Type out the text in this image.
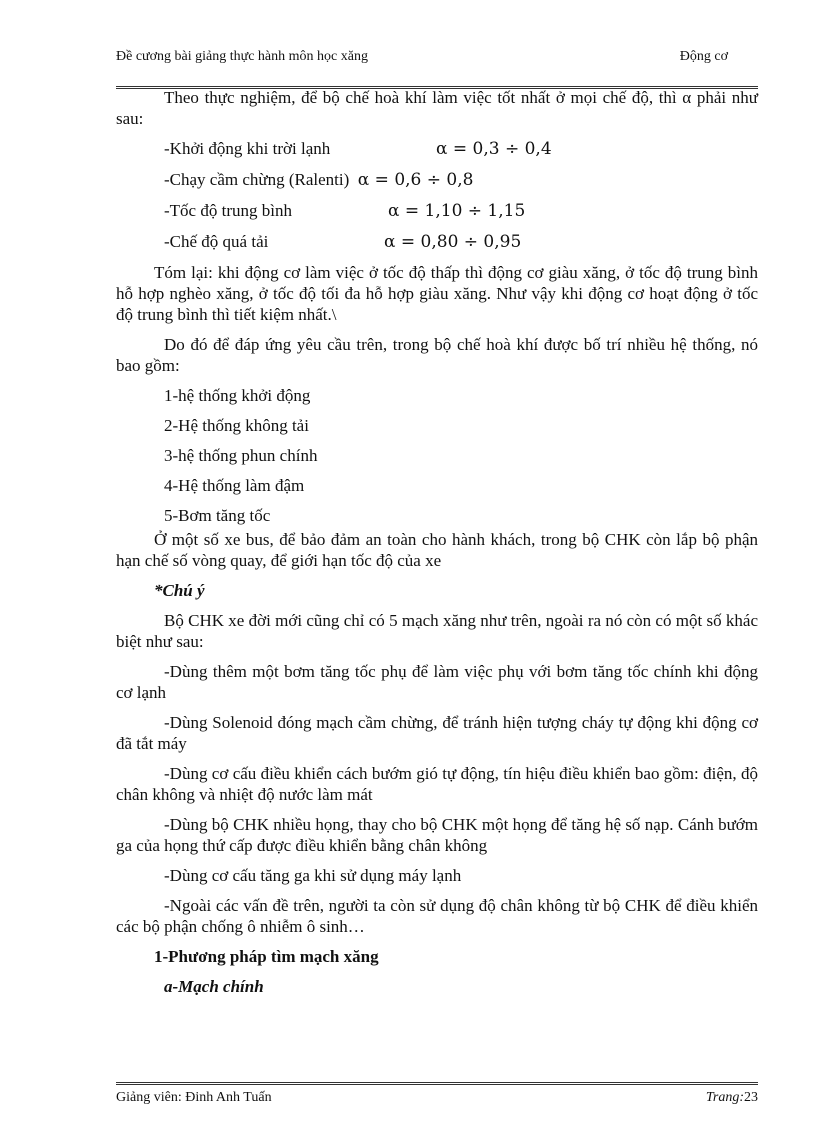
Đề cương bài giảng thực hành môn học xăng	Động cơ
Theo thực nghiệm, để bộ chế hoà khí làm việc tốt nhất ở mọi chế độ, thì α phải như sau:
-Khởi động khi trời lạnh	α = 0,3 ÷ 0,4
-Chạy cầm chừng (Ralenti) α = 0,6 ÷ 0,8
-Tốc độ trung bình	α = 1,10 ÷ 1,15
-Chế độ quá tải	α = 0,80 ÷ 0,95
Tóm lại: khi động cơ làm việc ở tốc độ thấp thì động cơ giàu xăng, ở tốc độ trung bình hỗ hợp nghèo xăng, ở tốc độ tối đa hỗ hợp giàu xăng. Như vậy khi động cơ hoạt động ở tốc độ trung bình thì tiết kiệm nhất.\
Do đó để đáp ứng yêu cầu trên, trong bộ chế hoà khí được bố trí nhiều hệ thống, nó bao gồm:
1-hệ thống khởi động
2-Hệ thống không tải
3-hệ thống phun chính
4-Hệ thống làm đậm
5-Bơm tăng tốc
Ở một số xe bus, để bảo đảm an toàn cho hành khách, trong bộ CHK còn lắp bộ phận hạn chế số vòng quay, để giới hạn tốc độ của xe
*Chú ý
Bộ CHK xe đời mới cũng chỉ có 5 mạch xăng như trên, ngoài ra nó còn có một số khác biệt như sau:
-Dùng thêm một bơm tăng tốc phụ để làm việc phụ với bơm tăng tốc chính khi động cơ lạnh
-Dùng Solenoid đóng mạch cầm chừng, để tránh hiện tượng cháy tự động khi động cơ đã tắt máy
-Dùng cơ cấu điều khiển cách bướm gió tự động, tín hiệu điều khiển bao gồm: điện, độ chân không và nhiệt độ nước làm mát
-Dùng bộ CHK nhiều họng, thay cho bộ CHK một họng để tăng hệ số nạp. Cánh bướm ga của họng thứ cấp được điều khiển bằng chân không
-Dùng cơ cấu tăng ga khi sử dụng máy lạnh
-Ngoài các vấn đề trên, người ta còn sử dụng độ chân không từ bộ CHK để điều khiển các bộ phận chống ô nhiễm ô sinh…
1-Phương pháp tìm mạch xăng
a-Mạch chính
Giảng viên: Đinh Anh Tuấn	Trang:23
